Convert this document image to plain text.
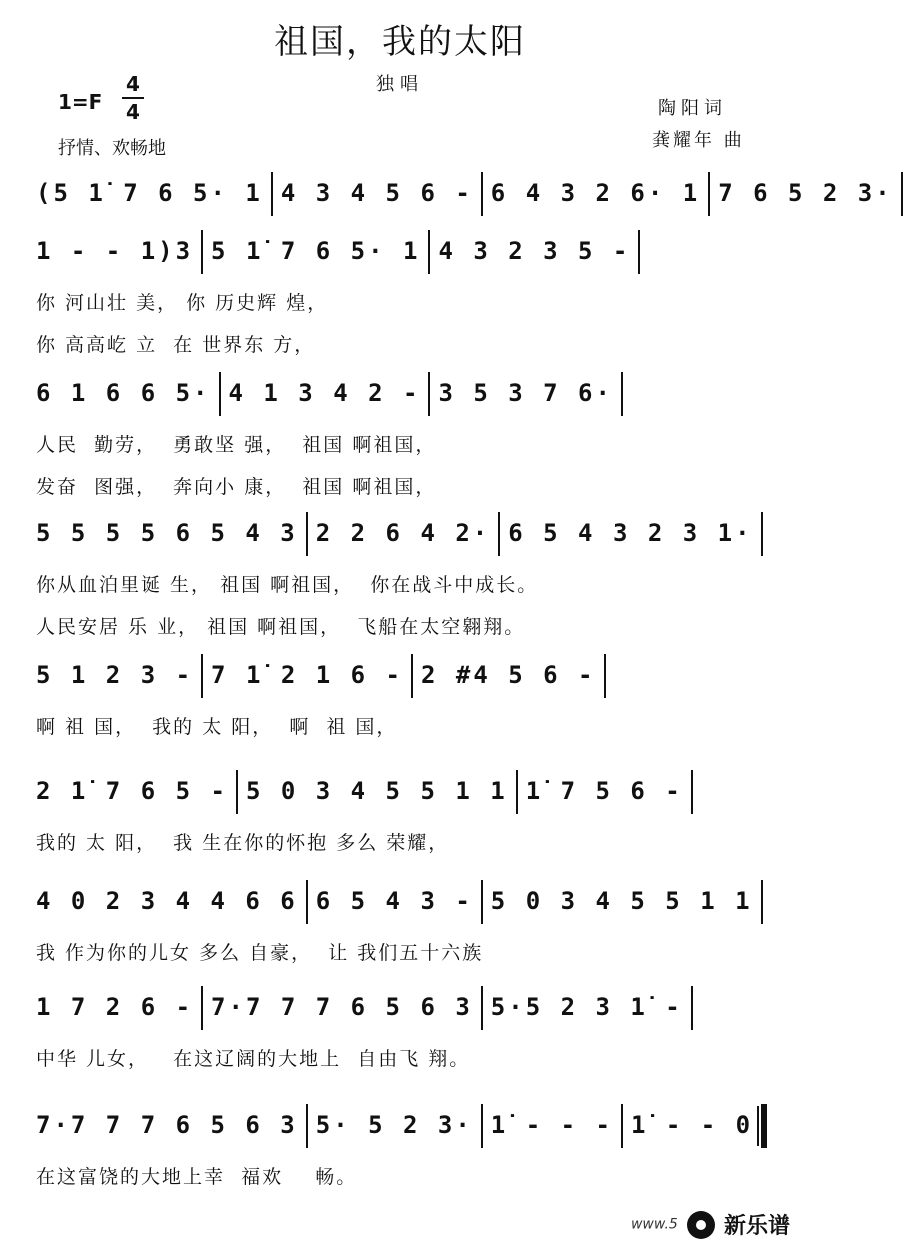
祖国，我的太阳
独唱
1=F
4
4
抒情、欢畅地
陶阳词
龚耀年 曲
(5 1̇ 7 6 5· 1 4 3 4 5 6 - 6 4 3 2 6· 1 7 6 5 2 3·
1 - - 1)3 5 1̇ 7 6 5· 1 4 3 2 3 5 -
你 河山壮 美， 你 历史辉 煌，
你 高高屹 立  在 世界东 方，
6 1 6 6 5· 4 1 3 4 2 - 3 5 3 7 6·
人民  勤劳，  勇敢坚 强，  祖国 啊祖国，
发奋  图强，  奔向小 康，  祖国 啊祖国，
5 5 5 5 6 5 4 3 2 2 6 4 2· 6 5 4 3 2 3 1·
你从血泊里诞 生， 祖国 啊祖国，  你在战斗中成长。
人民安居 乐 业， 祖国 啊祖国，  飞船在太空翱翔。
5 1 2 3 - 7 1̇ 2 1 6 - 2 #4 5 6 -
啊 祖 国，  我的 太 阳，  啊  祖 国，
2 1̇ 7 6 5 - 5 0 3 4 5 5 1 1 1̇ 7 5 6 -
我的 太 阳，  我 生在你的怀抱 多么 荣耀，
4 0 2 3 4 4 6 6 6 5 4 3 - 5 0 3 4 5 5 1 1
我 作为你的儿女 多么 自豪，  让 我们五十六族
1 7 2 6 - 7·7 7 7 6 5 6 3 5·5 2 3 1̇ -
中华 儿女，   在这辽阔的大地上  自由飞 翔。
7·7 7 7 6 5 6 3 5· 5 2 3· 1̇ - - - 1̇ - - 0
在这富饶的大地上幸  福欢    畅。
www.5 新乐谱
